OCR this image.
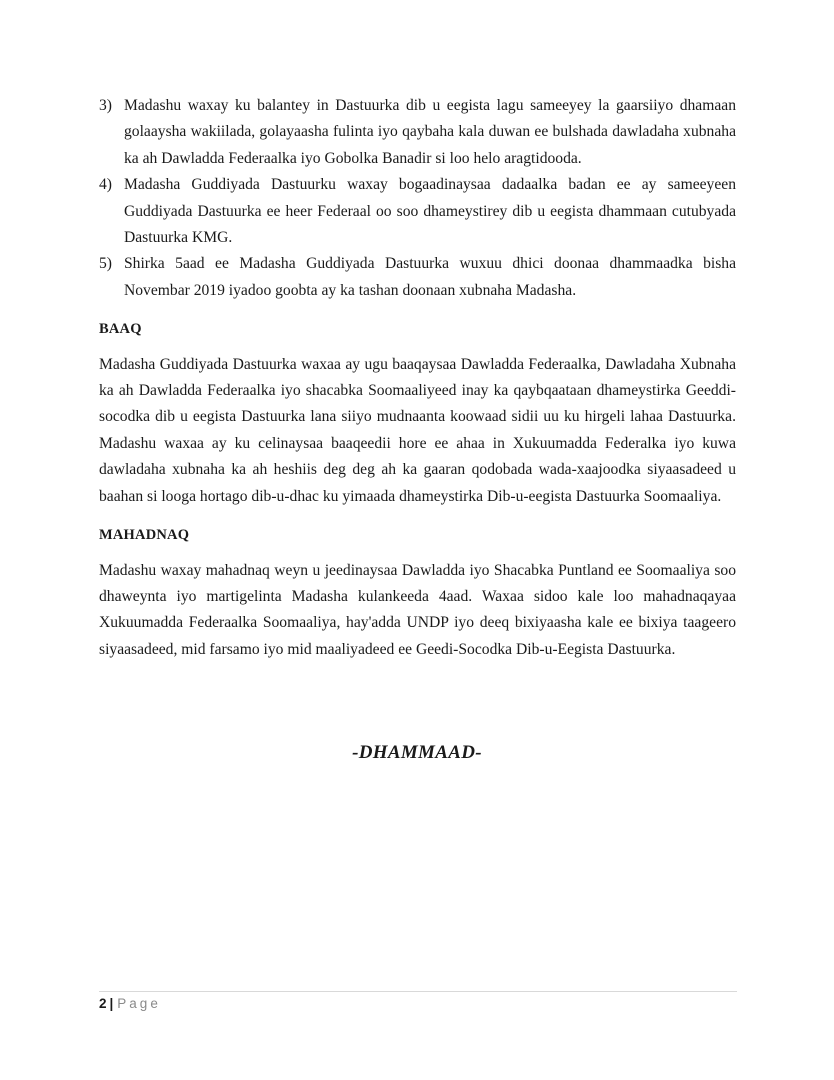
3) Madashu waxay ku balantey in Dastuurka dib u eegista lagu sameeyey la gaarsiiyo dhamaan golaaysha wakiilada, golayaasha fulinta iyo qaybaha kala duwan ee bulshada dawladaha xubnaha ka ah Dawladda Federaalka iyo Gobolka Banadir si loo helo aragtidooda.
4) Madasha Guddiyada Dastuurku waxay bogaadinaysaa dadaalka badan ee ay sameeyeen Guddiyada Dastuurka ee heer Federaal oo soo dhameystirey dib u eegista dhammaan cutubyada Dastuurka KMG.
5) Shirka 5aad ee Madasha Guddiyada Dastuurka wuxuu dhici doonaa dhammaadka bisha Novembar 2019 iyadoo goobta ay ka tashan doonaan xubnaha Madasha.
BAAQ

Madasha Guddiyada Dastuurka waxaa ay ugu baaqaysaa Dawladda Federaalka, Dawladaha Xubnaha ka ah Dawladda Federaalka iyo shacabka Soomaaliyeed inay ka qaybqaataan dhameystirka Geeddi-socodka dib u eegista Dastuurka lana siiyo mudnaanta koowaad sidii uu ku hirgeli lahaa Dastuurka. Madashu waxaa ay ku celinaysaa baaqeedii hore ee ahaa in Xukuumadda Federalka iyo kuwa dawladaha xubnaha ka ah heshiis deg deg ah ka gaaran qodobada wada-xaajoodka siyaasadeed u baahan si looga hortago dib-u-dhac ku yimaada dhameystirka Dib-u-eegista Dastuurka Soomaaliya.

MAHADNAQ

Madashu waxay mahadnaq weyn u jeedinaysaa Dawladda iyo Shacabka Puntland ee Soomaaliya soo dhaweynta iyo martigelinta Madasha kulankeeda 4aad. Waxaa sidoo kale loo mahadnaqayaa Xukuumadda Federaalka Soomaaliya, hay'adda UNDP iyo deeq bixiyaasha kale ee bixiya taageero siyaasadeed, mid farsamo iyo mid maaliyadeed ee Geedi-Socodka Dib-u-Eegista Dastuurka.

-DHAMMAAD-
2 | Page
